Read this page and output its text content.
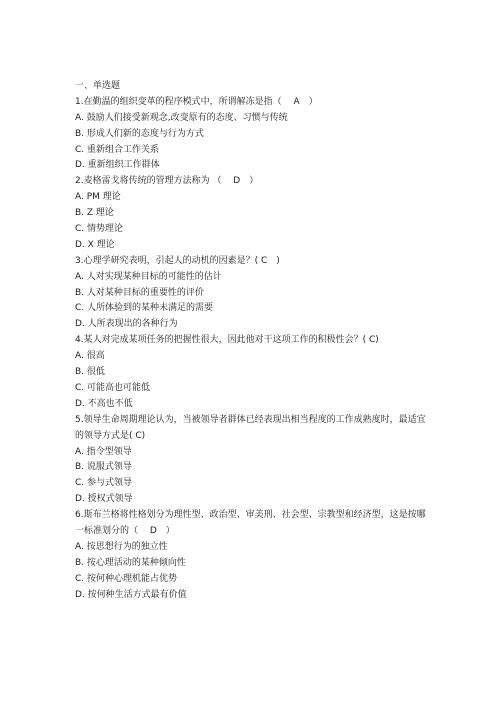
一、单选题
1.在勤温的组织变革的程序模式中，所谓解冻是指（　 A　）
A. 鼓励人们接受新观念,改变原有的态度、习惯与传统
B. 形成人们新的态度与行为方式
C. 重新组合工作关系
D. 重新组织工作群体
2.麦格雷戈将传统的管理方法称为 （　 D　）
A. PM 理论
B. Z 理论
C. 情势理论
D. X 理论
3.心理学研究表明，引起人的动机的因素是？( C　)
A. 人对实现某种目标的可能性的估计
B. 人对某种目标的重要性的评价
C. 人所体验到的某种未满足的需要
D. 人所表现出的各种行为
4.某人对完成某项任务的把握性很大，因此他对干这项工作的积极性会？( C)
A. 很高
B. 很低
C. 可能高也可能低
D. 不高也不低
5.领导生命周期理论认为，当被领导者群体已经表现出相当程度的工作成熟度时，最适宜的领导方式是( C)
A. 指令型领导
B. 说服式领导
C. 参与式领导
D. 授权式领导
6.斯布兰格将性格划分为理性型、政治型、审美刑、社会型、宗教型和经济型，这是按哪一标准划分的（　 D　）
A. 按思想行为的独立性
B. 按心理活动的某种倾向性
C. 按何种心理机能占优势
D. 按何种生活方式最有价值
